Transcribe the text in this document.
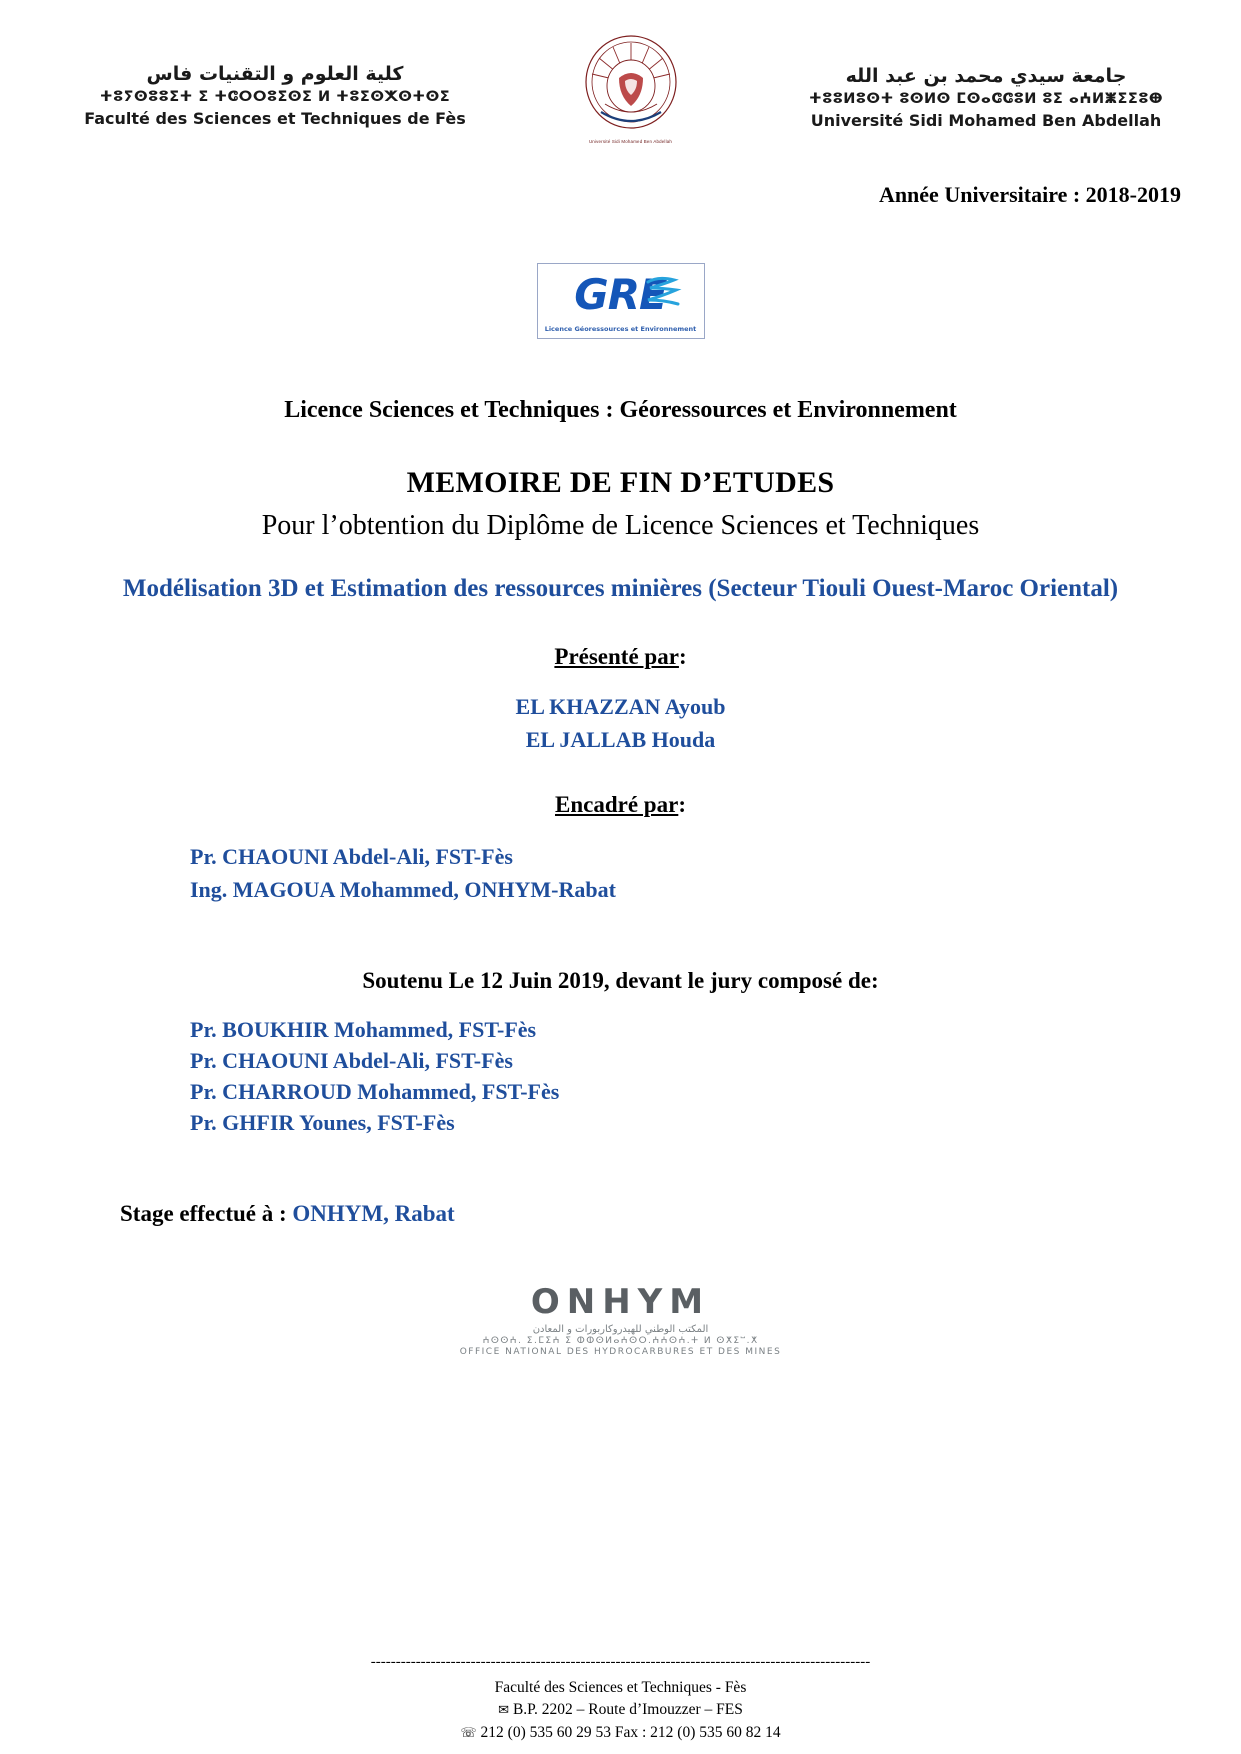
كلية العلوم و التقنيات فاس
ⵜⵓⵢⵙⵓⵓⵉⵜ ⵉ ⵜⵛⵔⵔⵓⵉⵙⵉ ⵍ ⵜⵓⵉⵙⵅⵙⵜⵙⵉ
Faculté des Sciences et Techniques de Fès
Université Sidi Mohamed Ben Abdellah
جامعة سيدي محمد بن عبد الله
ⵜⵓⵓⵍⵓⵙⵜ ⵓⵙⵍⵙ ⵎⵙⴰⵛⵛⵓⵍ ⵓⵉ ⴰⵄⵍⵥⵉⵉⵓⴲ
Université Sidi Mohamed Ben Abdellah
Année Universitaire : 2018-2019
GRE
Licence Géoressources et Environnement
Licence Sciences et Techniques : Géoressources et Environnement
MEMOIRE DE FIN D’ETUDES
Pour l’obtention du Diplôme de Licence Sciences et Techniques
Modélisation 3D et Estimation des ressources minières (Secteur Tiouli Ouest-Maroc Oriental)
Présenté par:
EL KHAZZAN Ayoub
EL JALLAB Houda
Encadré par:
Pr. CHAOUNI Abdel-Ali, FST-Fès
Ing. MAGOUA Mohammed, ONHYM-Rabat
Soutenu Le 12 Juin 2019, devant le jury composé de:
Pr. BOUKHIR Mohammed, FST-Fès
Pr. CHAOUNI Abdel-Ali, FST-Fès
Pr. CHARROUD Mohammed, FST-Fès
Pr. GHFIR Younes, FST-Fès
Stage effectué à : ONHYM, Rabat
ONHYM
المكتب الوطني للهيدروكاربورات و المعادن
ⵄⵙⵙⵄ. ⵉ.ⵎⵉⵄ ⵉ ⵀⵀⵙⵍⴰⵄⵙⵔ.ⵄⵄⵙⵄ.ⵜ ⵍ ⵙⵅⵉⵯ.ⵅ
OFFICE NATIONAL DES HYDROCARBURES ET DES MINES
----------------------------------------------------------------------------------------------------
Faculté des Sciences et Techniques - Fès
✉ B.P. 2202 – Route d’Imouzzer – FES
☏ 212 (0) 535 60 29 53 Fax : 212 (0) 535 60 82 14
